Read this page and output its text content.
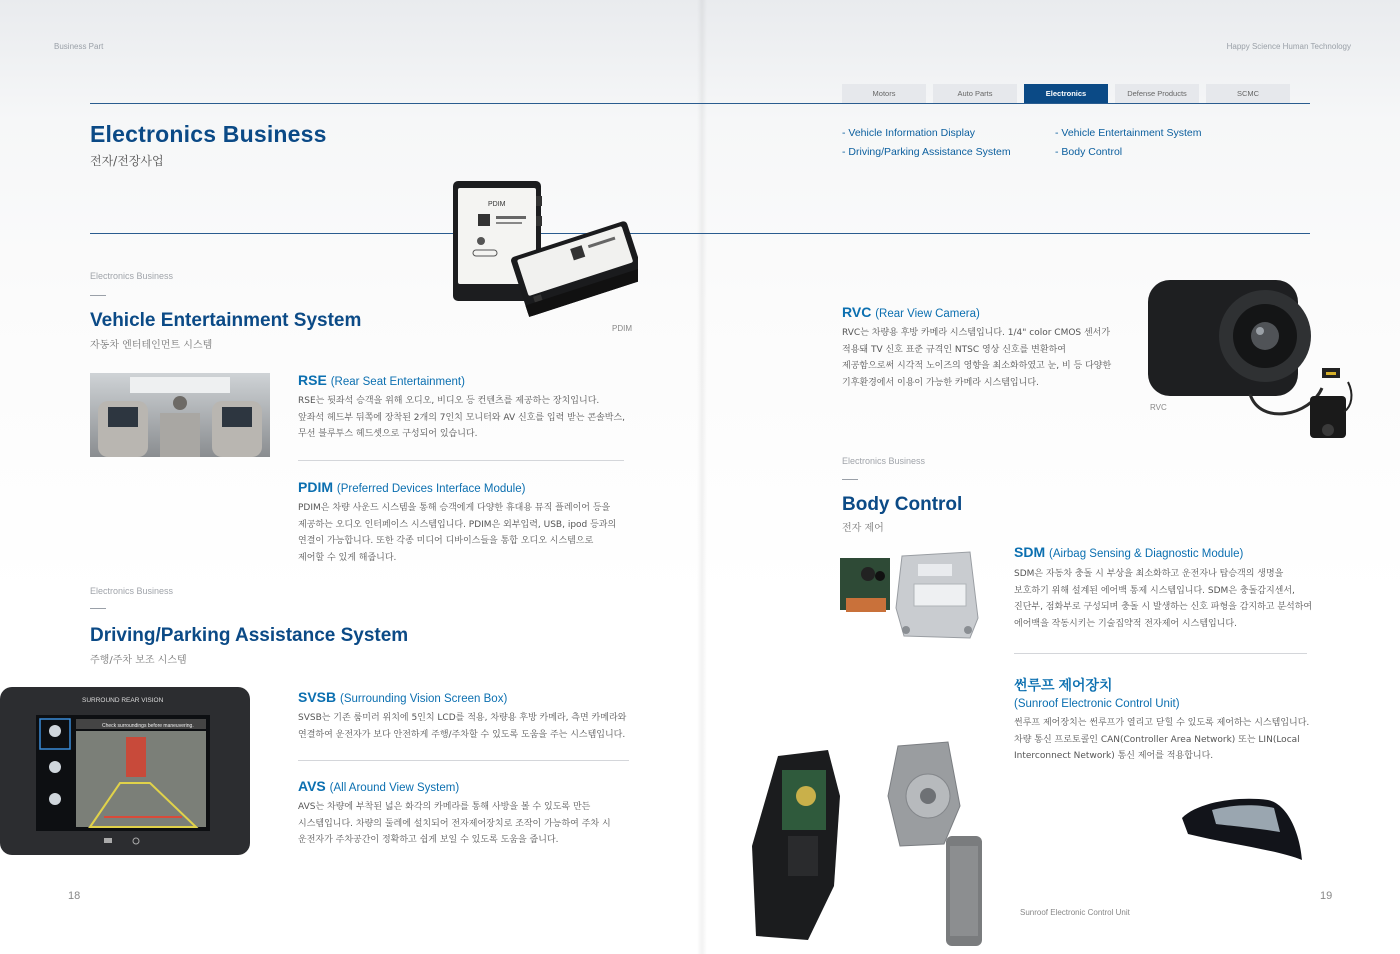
Business Part	Happy Science Human Technology
Motors	Auto Parts	Electronics	Defense Products	SCMC
Electronics Business
전자/전장사업
- Vehicle Information Display	- Vehicle Entertainment System
- Driving/Parking Assistance System	- Body Control
PDIM
PDIM
Electronics Business
Vehicle Entertainment System
자동차 엔터테인먼트 시스템
RSE (Rear Seat Entertainment)
RSE는 뒷좌석 승객을 위해 오디오, 비디오 등 컨텐츠를 제공하는 장치입니다.
앞좌석 헤드부 뒤쪽에 장착된 2개의 7인치 모니터와 AV 신호를 입력 받는 콘솔박스,
무선 블루투스 헤드셋으로 구성되어 있습니다.
PDIM (Preferred Devices Interface Module)
PDIM은 차량 사운드 시스템을 통해 승객에게 다양한 휴대용 뮤직 플레이어 등을
제공하는 오디오 인터페이스 시스템입니다. PDIM은 외부입력, USB, ipod 등과의
연결이 가능합니다. 또한 각종 미디어 디바이스들을 통합 오디오 시스템으로
제어할 수 있게 해줍니다.
Electronics Business
Driving/Parking Assistance System
주행/주차 보조 시스템
SURROUND REAR VISION
Check surroundings before maneuvering.
SVSB (Surrounding Vision Screen Box)
SVSB는 기존 룸미러 위치에 5인치 LCD를 적용, 차량용 후방 카메라, 측면 카메라와
연결하여 운전자가 보다 안전하게 주행/주차할 수 있도록 도움을 주는 시스템입니다.
AVS (All Around View System)
AVS는 차량에 부착된 넓은 화각의 카메라를 통해 사방을 볼 수 있도록 만든
시스템입니다. 차량의 둘레에 설치되어 전자제어장치로 조작이 가능하여 주차 시
운전자가 주차공간이 정확하고 쉽게 보일 수 있도록 도움을 줍니다.
18
RVC (Rear View Camera)
RVC는 차량용 후방 카메라 시스템입니다. 1/4" color CMOS 센서가
적용돼 TV 신호 표준 규격인 NTSC 영상 신호를 변환하여
제공함으로써 시각적 노이즈의 영향을 최소화하였고 눈, 비 등 다양한
기후환경에서 이용이 가능한 카메라 시스템입니다.
RVC
Electronics Business
Body Control
전자 제어
SDM (Airbag Sensing & Diagnostic Module)
SDM은 자동차 충돌 시 부상을 최소화하고 운전자나 탑승객의 생명을
보호하기 위해 설계된 에어백 통제 시스템입니다. SDM은 충돌감지센서,
진단부, 점화부로 구성되며 충돌 시 발생하는 신호 파형을 감지하고 분석하여
에어백을 작동시키는 기술집약적 전자제어 시스템입니다.
썬루프 제어장치
(Sunroof Electronic Control Unit)
썬루프 제어장치는 썬루프가 열리고 닫힐 수 있도록 제어하는 시스템입니다.
차량 통신 프로토콜인 CAN(Controller Area Network) 또는 LIN(Local
Interconnect Network) 통신 제어를 적용합니다.
Sunroof Electronic Control Unit
19
